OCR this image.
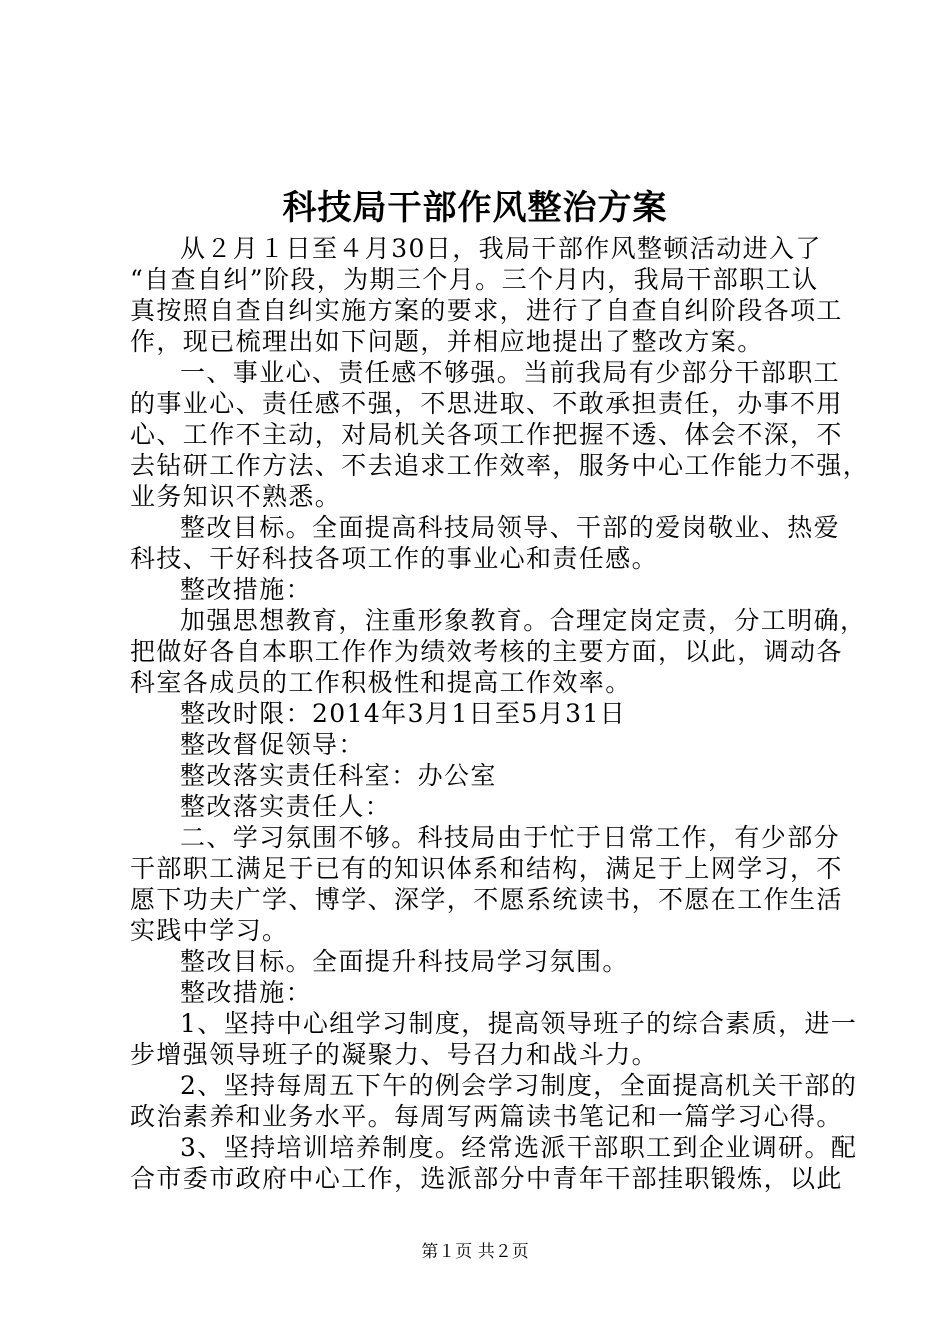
科技局干部作风整治方案
从２月１日至４月30日，我局干部作风整顿活动进入了
“自查自纠”阶段，为期三个月。三个月内，我局干部职工认
真按照自查自纠实施方案的要求，进行了自查自纠阶段各项工
作，现已梳理出如下问题，并相应地提出了整改方案。
一、事业心、责任感不够强。当前我局有少部分干部职工
的事业心、责任感不强，不思进取、不敢承担责任，办事不用
心、工作不主动，对局机关各项工作把握不透、体会不深，不
去钻研工作方法、不去追求工作效率，服务中心工作能力不强，
业务知识不熟悉。
整改目标。全面提高科技局领导、干部的爱岗敬业、热爱
科技、干好科技各项工作的事业心和责任感。
整改措施：
加强思想教育，注重形象教育。合理定岗定责，分工明确，
把做好各自本职工作作为绩效考核的主要方面，以此，调动各
科室各成员的工作积极性和提高工作效率。
整改时限：2014年3月1日至5月31日
整改督促领导：
整改落实责任科室：办公室
整改落实责任人：
二、学习氛围不够。科技局由于忙于日常工作，有少部分
干部职工满足于已有的知识体系和结构，满足于上网学习，不
愿下功夫广学、博学、深学，不愿系统读书，不愿在工作生活
实践中学习。
整改目标。全面提升科技局学习氛围。
整改措施：
1、坚持中心组学习制度，提高领导班子的综合素质，进一
步增强领导班子的凝聚力、号召力和战斗力。
2、坚持每周五下午的例会学习制度，全面提高机关干部的
政治素养和业务水平。每周写两篇读书笔记和一篇学习心得。
3、坚持培训培养制度。经常选派干部职工到企业调研。配
合市委市政府中心工作，选派部分中青年干部挂职锻炼，以此
第１页 共２页
